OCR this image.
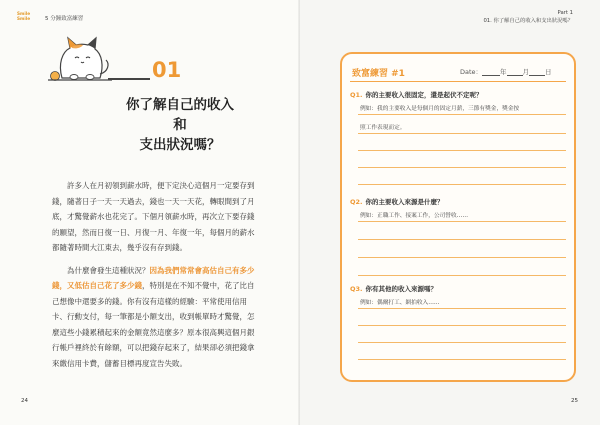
Smile
Smile	5 分鐘致富練習
01
你了解自己的收入和
支出狀況嗎？

許多人在月初領到薪水時，便下定決心這個月一定要存到錢，隨著日子一天一天過去，錢也一天一天花，轉眼間到了月底，才驚覺薪水也花完了。下個月領薪水時，再次立下要存錢的願望，然而日復一日、月復一月、年復一年，每個月的薪水都隨著時間大江東去，幾乎沒有存到錢。

為什麼會發生這種狀況？因為我們常常會高估自己有多少錢，又低估自己花了多少錢，特別是在不知不覺中，花了比自己想像中還要多的錢。你有沒有這樣的經驗：平常使用信用卡、行動支付，每一筆都是小額支出，收到帳單時才驚覺，怎麼這些小錢累積起來的金額竟然這麼多？原本很高興這個月銀行帳戶裡終於有餘額，可以把錢存起來了，結果卻必須把錢拿來繳信用卡費，儲蓄目標再度宣告失敗。

24
Part 1
01. 你了解自己的收入和支出狀況嗎？
致富練習 #1	Date：	年 月 日
Q1. 你的主要收入很固定，還是起伏不定呢？
例如：我的主要收入是每個月的固定月薪，三節有獎金，獎金按
照工作表現而定。
Q2. 你的主要收入來源是什麼？
例如：正職工作、接案工作，公司營收……
Q3. 你有其他的收入來源嗎？
例如：偶爾打工、網拍收入……
25
